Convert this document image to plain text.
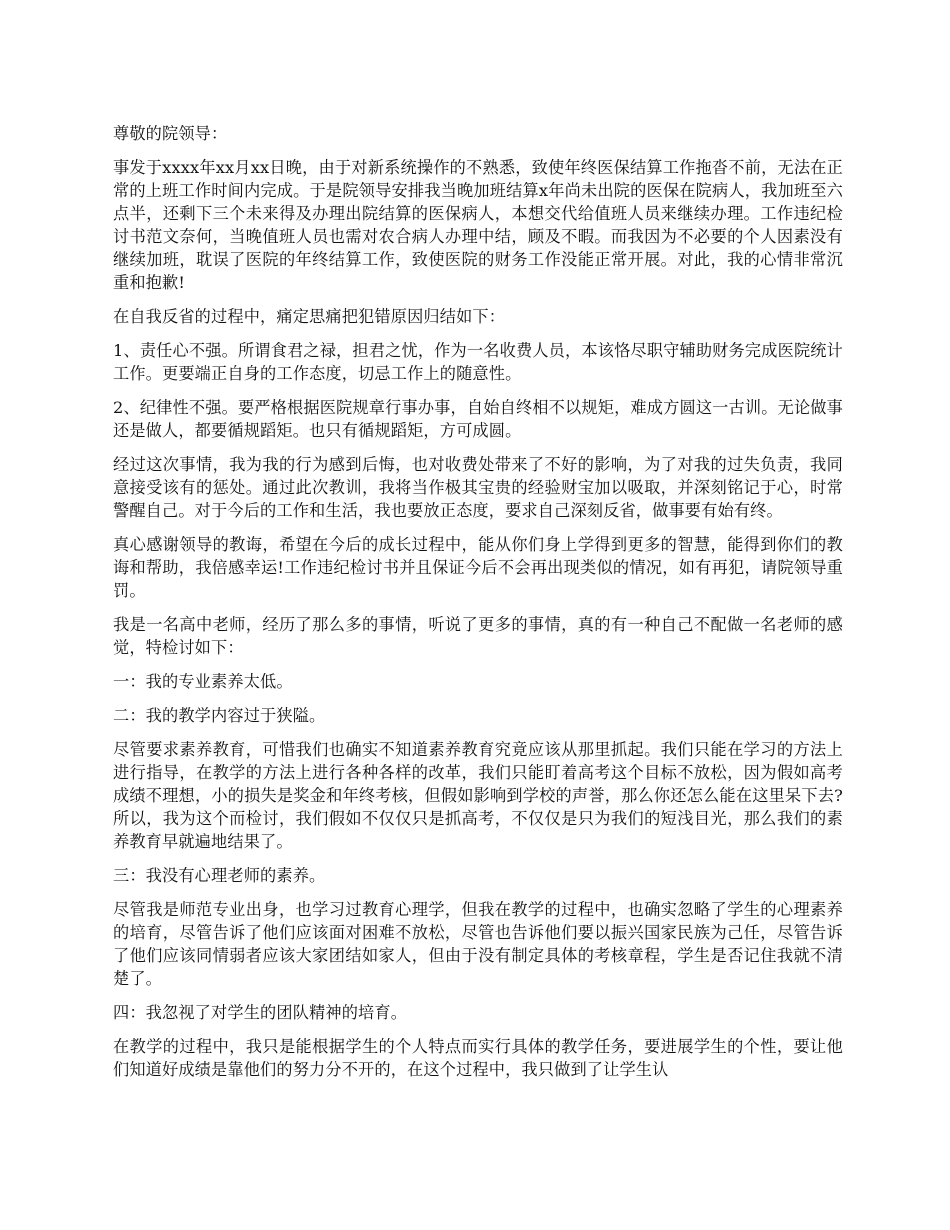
尊敬的院领导：

事发于xxxx年xx月xx日晚，由于对新系统操作的不熟悉，致使年终医保结算工作拖沓不前，无法在正常的上班工作时间内完成。于是院领导安排我当晚加班结算x年尚未出院的医保在院病人，我加班至六点半，还剩下三个未来得及办理出院结算的医保病人，本想交代给值班人员来继续办理。工作违纪检讨书范文奈何，当晚值班人员也需对农合病人办理中结，顾及不暇。而我因为不必要的个人因素没有继续加班，耽误了医院的年终结算工作，致使医院的财务工作没能正常开展。对此，我的心情非常沉重和抱歉!

在自我反省的过程中，痛定思痛把犯错原因归结如下：

1、责任心不强。所谓食君之禄，担君之忧，作为一名收费人员，本该恪尽职守辅助财务完成医院统计工作。更要端正自身的工作态度，切忌工作上的随意性。

2、纪律性不强。要严格根据医院规章行事办事，自始自终相不以规矩，难成方圆这一古训。无论做事还是做人，都要循规蹈矩。也只有循规蹈矩，方可成圆。

经过这次事情，我为我的行为感到后悔，也对收费处带来了不好的影响，为了对我的过失负责，我同意接受该有的惩处。通过此次教训，我将当作极其宝贵的经验财宝加以吸取，并深刻铭记于心，时常警醒自己。对于今后的工作和生活，我也要放正态度，要求自己深刻反省，做事要有始有终。

真心感谢领导的教诲，希望在今后的成长过程中，能从你们身上学得到更多的智慧，能得到你们的教诲和帮助，我倍感幸运!工作违纪检讨书并且保证今后不会再出现类似的情况，如有再犯，请院领导重罚。

我是一名高中老师，经历了那么多的事情，听说了更多的事情，真的有一种自己不配做一名老师的感觉，特检讨如下：

一：我的专业素养太低。

二：我的教学内容过于狭隘。

尽管要求素养教育，可惜我们也确实不知道素养教育究竟应该从那里抓起。我们只能在学习的方法上进行指导，在教学的方法上进行各种各样的改革，我们只能盯着高考这个目标不放松，因为假如高考成绩不理想，小的损失是奖金和年终考核，但假如影响到学校的声誉，那么你还怎么能在这里呆下去?所以，我为这个而检讨，我们假如不仅仅只是抓高考，不仅仅是只为我们的短浅目光，那么我们的素养教育早就遍地结果了。

三：我没有心理老师的素养。

尽管我是师范专业出身，也学习过教育心理学，但我在教学的过程中，也确实忽略了学生的心理素养的培育，尽管告诉了他们应该面对困难不放松，尽管也告诉他们要以振兴国家民族为己任，尽管告诉了他们应该同情弱者应该大家团结如家人，但由于没有制定具体的考核章程，学生是否记住我就不清楚了。

四：我忽视了对学生的团队精神的培育。

在教学的过程中，我只是能根据学生的个人特点而实行具体的教学任务，要进展学生的个性，要让他们知道好成绩是靠他们的努力分不开的，在这个过程中，我只做到了让学生认
